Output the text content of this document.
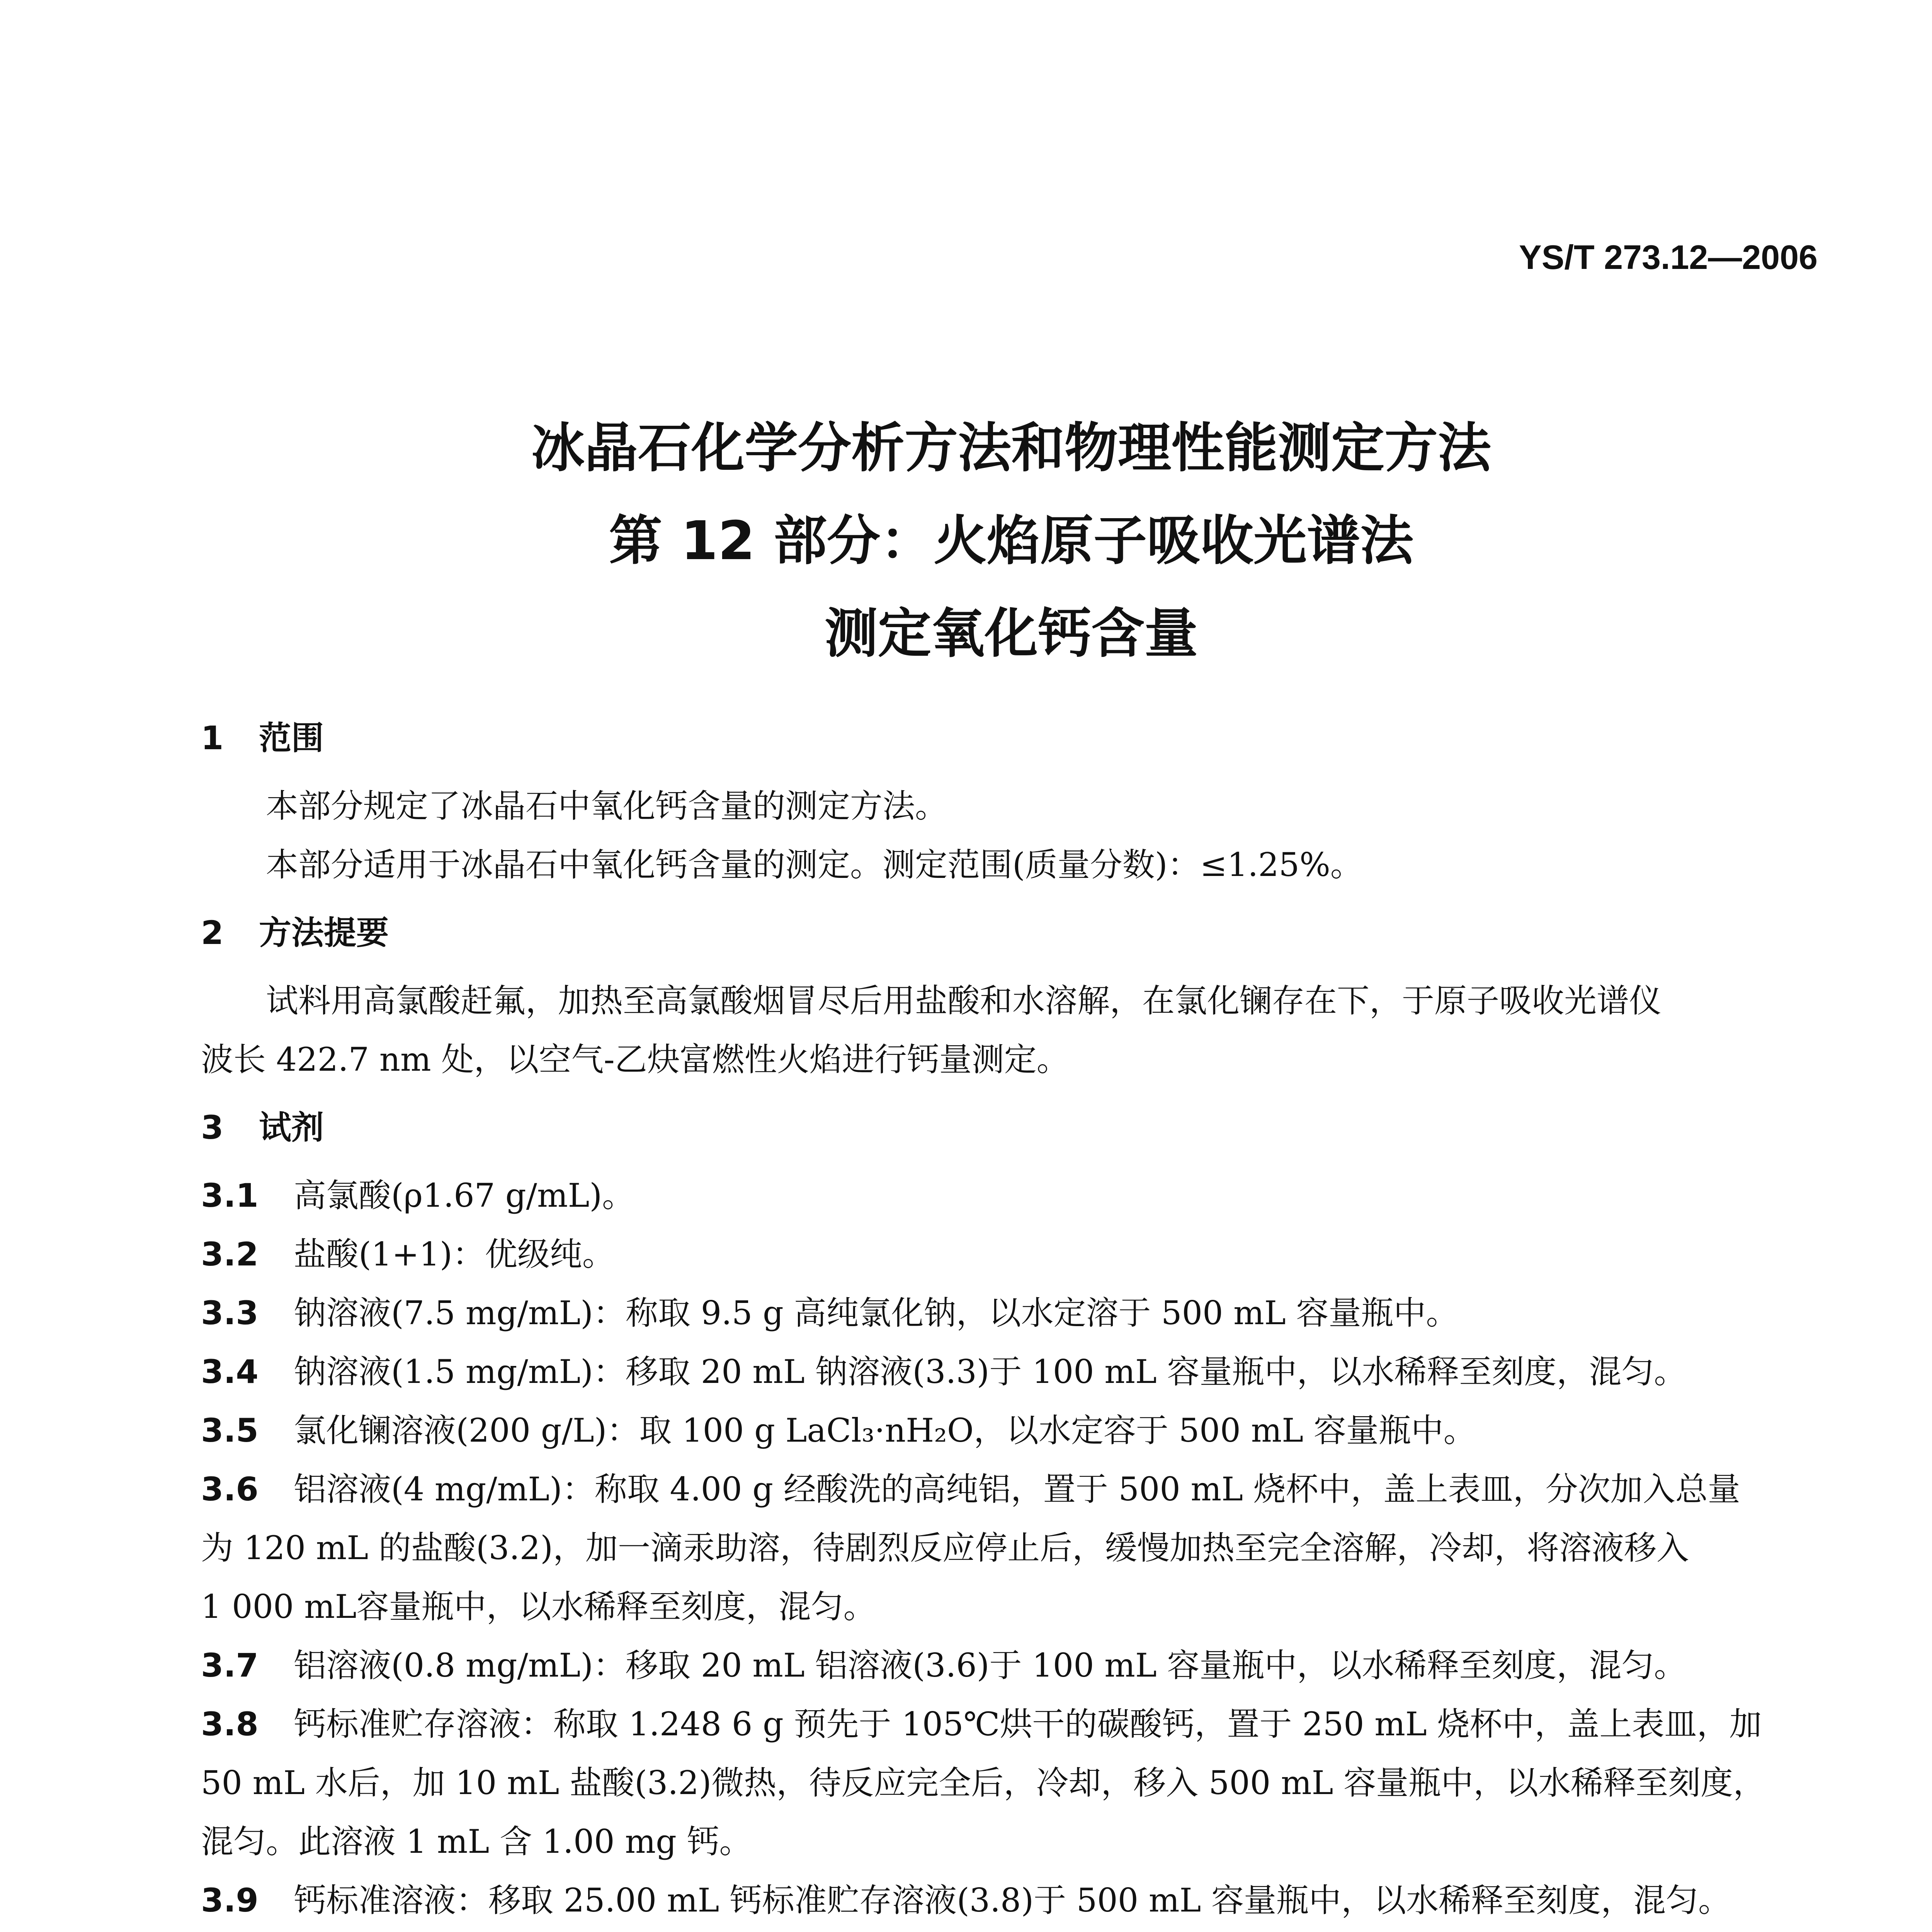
YS/T 273.12—2006
冰晶石化学分析方法和物理性能测定方法
第 12 部分：火焰原子吸收光谱法
测定氧化钙含量
1 范围

本部分规定了冰晶石中氧化钙含量的测定方法。

本部分适用于冰晶石中氧化钙含量的测定。测定范围(质量分数)：≤1.25%。

2 方法提要

试料用高氯酸赶氟，加热至高氯酸烟冒尽后用盐酸和水溶解，在氯化镧存在下，于原子吸收光谱仪

波长 422.7 nm 处，以空气-乙炔富燃性火焰进行钙量测定。

3 试剂
3.1 高氯酸(ρ1.67 g/mL)。
3.2 盐酸(1+1)：优级纯。
3.3 钠溶液(7.5 mg/mL)：称取 9.5 g 高纯氯化钠，以水定溶于 500 mL 容量瓶中。
3.4 钠溶液(1.5 mg/mL)：移取 20 mL 钠溶液(3.3)于 100 mL 容量瓶中，以水稀释至刻度，混匀。
3.5 氯化镧溶液(200 g/L)：取 100 g LaCl₃·nH₂O，以水定容于 500 mL 容量瓶中。
3.6 铝溶液(4 mg/mL)：称取 4.00 g 经酸洗的高纯铝，置于 500 mL 烧杯中，盖上表皿，分次加入总量
为 120 mL 的盐酸(3.2)，加一滴汞助溶，待剧烈反应停止后，缓慢加热至完全溶解，冷却，将溶液移入
1 000 mL容量瓶中，以水稀释至刻度，混匀。
3.7 铝溶液(0.8 mg/mL)：移取 20 mL 铝溶液(3.6)于 100 mL 容量瓶中，以水稀释至刻度，混匀。
3.8 钙标准贮存溶液：称取 1.248 6 g 预先于 105℃烘干的碳酸钙，置于 250 mL 烧杯中，盖上表皿，加
50 mL 水后，加 10 mL 盐酸(3.2)微热，待反应完全后，冷却，移入 500 mL 容量瓶中，以水稀释至刻度，
混匀。此溶液 1 mL 含 1.00 mg 钙。
3.9 钙标准溶液：移取 25.00 mL 钙标准贮存溶液(3.8)于 500 mL 容量瓶中，以水稀释至刻度，混匀。
